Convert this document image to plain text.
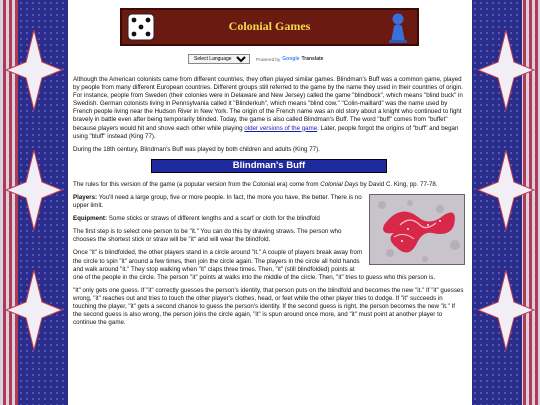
Colonial Games
Select Language
Powered by Google Translate

Although the American colonists came from different countries, they often played similar games. Blindman's Buff was a common game, played by people from many different European countries. Different groups still referred to the game by the name they used in their countries of origin. For instance, people from Sweden (their colonies were in Delaware and New Jersey) called the game "blindbock", which means "blind buck" in Swedish. German colonists living in Pennsylvania called it "Blinderkuh", which means "blind cow." "Colin-maillard" was the name used by French people living near the Hudson River in New York. The origin of the French name was an old story about a knight who continued to fight bravely in battle even after being temporarily blinded. Today, the game is also called Blindman's Buff. The word "buff" comes from "buffet" because players would hit and shove each other while playing older versions of the game. Later, people forgot the origins of "buff" and began using "bluff" instead (King 77).

During the 18th century, Blindman's Buff was played by both children and adults (King 77).

Blindman's Buff

The rules for this version of the game (a popular version from the Colonial era) come from Colonial Days by David C. King, pp. 77-78.

Players: You'll need a large group, five or more people. In fact, the more you have, the better. There is no upper limit.

Equipment: Some sticks or straws of different lengths and a scarf or cloth for the blindfold

The first step is to select one person to be "it." You can do this by drawing straws. The person who chooses the shortest stick or straw will be "it" and will wear the blindfold.

Once "it" is blindfolded, the other players stand in a circle around "it." A couple of players break away from the circle to spin "it" around a few times, then join the circle again. The players in the circle all hold hands and walk around "it." They stop walking when "it" claps three times. Then, "it" (still blindfolded) points at one of the people in the circle. The person "it" points at walks into the middle of the circle. Then, "it" tries to guess who this person is.

"It" only gets one guess. If "it" correctly guesses the person's identity, that person puts on the blindfold and becomes the new "it." If "it" guesses wrong, "it" reaches out and tries to touch the other player's clothes, head, or feet while the other player tries to dodge. If "it" succeeds in touching the player, "it" gets a second chance to guess the person's identity. If the second guess is right, the person becomes the new "it." If the second guess is also wrong, the person joins the circle again, "it" is spun around once more, and "it" must point at another player to continue the game.
